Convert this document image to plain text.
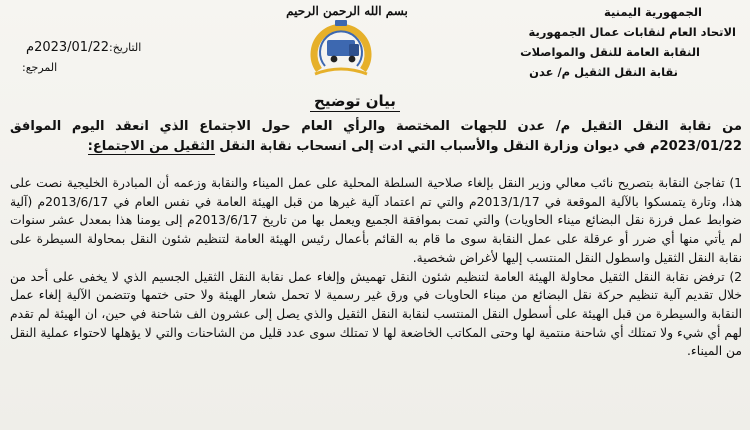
بسم الله الرحمن الرحيم	الجمهورية اليمنية
الاتحاد العام لنقابات عمال الجمهورية
النقابة العامة للنقل والمواصلات
نقابة النقل الثقيل م/ عدن
التاريخ:
2023/01/22م
المرجع:
بيان توضيح
من نقابة النقل الثقيل م/ عدن للجهات المختصة والرأي العام حول الاجتماع الذي انعقد اليوم الموافق 2023/01/22م في ديوان وزارة النقل والأسباب التي ادت إلى انسحاب نقابة النقل الثقيل من الاجتماع:

1) تفاجئ النقابة بتصريح نائب معالي وزير النقل بإلغاء صلاحية السلطة المحلية على عمل الميناء والنقابة وزعمه أن المبادرة الخليجية نصت على هذا، وتارة يتمسكوا بالآلية الموقعة في 2013/1/17م والتي تم اعتماد آلية غيرها من قبل الهيئة العامة في نفس العام في 2013/6/17م (آلية ضوابط عمل فرزة نقل البضائع ميناء الحاويات) والتي تمت بموافقة الجميع ويعمل بها من تاريخ 2013/6/17م إلى يومنا هذا بمعدل عشر سنوات لم يأتي منها أي ضرر أو عرقلة على عمل النقابة سوى ما قام به القائم بأعمال رئيس الهيئة العامة لتنظيم شئون النقل بمحاولة السيطرة على نقابة النقل الثقيل واسطول النقل المنتسب إليها لأغراض شخصية.

2) ترفض نقابة النقل الثقيل محاولة الهيئة العامة لتنظيم شئون النقل تهميش وإلغاء عمل نقابة النقل الثقيل الجسيم الذي لا يخفى على أحد من خلال تقديم آلية تنظيم حركة نقل البضائع من ميناء الحاويات في ورق غير رسمية لا تحمل شعار الهيئة ولا حتى ختمها وتتضمن الآلية إلغاء عمل النقابة والسيطرة من قبل الهيئة على أسطول النقل المنتسب لنقابة النقل الثقيل والذي يصل إلى عشرون الف شاحنة في حين، ان الهيئة لم تقدم لهم أي شيء ولا تمتلك أي شاحنة منتمية لها وحتى المكاتب الخاضعة لها لا تمتلك سوى عدد قليل من الشاحنات والتي لا يؤهلها لاحتواء عملية النقل من الميناء.
